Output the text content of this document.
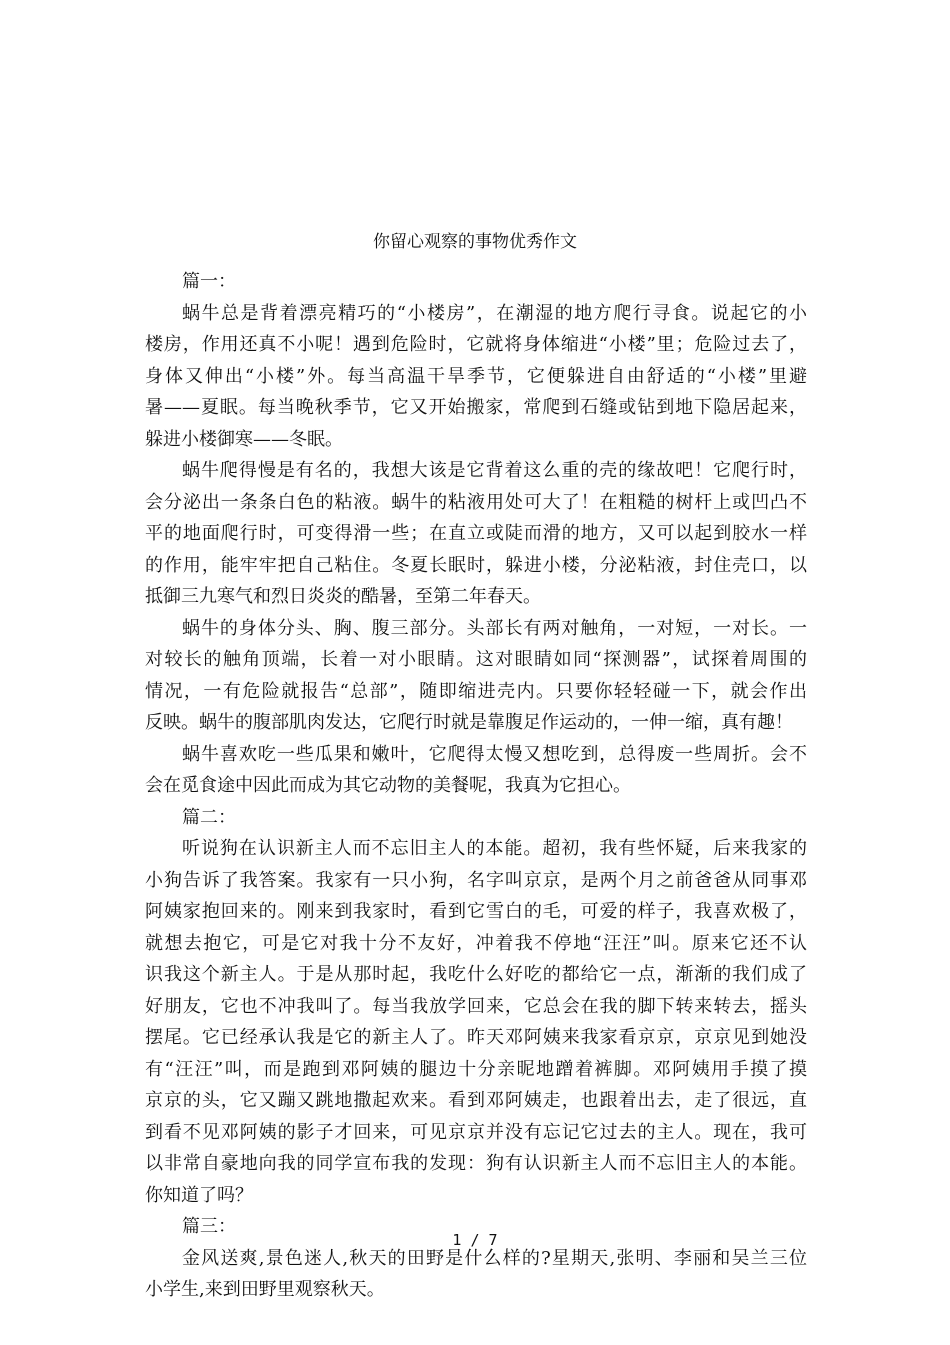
你留心观察的事物优秀作文
篇一：
蜗牛总是背着漂亮精巧的“小楼房”，在潮湿的地方爬行寻食。说起它的小
楼房，作用还真不小呢！遇到危险时，它就将身体缩进“小楼”里；危险过去了，
身体又伸出“小楼”外。每当高温干旱季节，它便躲进自由舒适的“小楼”里避
暑——夏眠。每当晚秋季节，它又开始搬家，常爬到石缝或钻到地下隐居起来，
躲进小楼御寒——冬眠。
蜗牛爬得慢是有名的，我想大该是它背着这么重的壳的缘故吧！它爬行时，
会分泌出一条条白色的粘液。蜗牛的粘液用处可大了！在粗糙的树杆上或凹凸不
平的地面爬行时，可变得滑一些；在直立或陡而滑的地方，又可以起到胶水一样
的作用，能牢牢把自己粘住。冬夏长眠时，躲进小楼，分泌粘液，封住壳口，以
抵御三九寒气和烈日炎炎的酷暑，至第二年春天。
蜗牛的身体分头、胸、腹三部分。头部长有两对触角，一对短，一对长。一
对较长的触角顶端，长着一对小眼睛。这对眼睛如同“探测器”，试探着周围的
情况，一有危险就报告“总部”，随即缩进壳内。只要你轻轻碰一下，就会作出
反映。蜗牛的腹部肌肉发达，它爬行时就是靠腹足作运动的，一伸一缩，真有趣！
蜗牛喜欢吃一些瓜果和嫩叶，它爬得太慢又想吃到，总得废一些周折。会不
会在觅食途中因此而成为其它动物的美餐呢，我真为它担心。
篇二：
听说狗在认识新主人而不忘旧主人的本能。超初，我有些怀疑，后来我家的
小狗告诉了我答案。我家有一只小狗，名字叫京京，是两个月之前爸爸从同事邓
阿姨家抱回来的。刚来到我家时，看到它雪白的毛，可爱的样子，我喜欢极了，
就想去抱它，可是它对我十分不友好，冲着我不停地“汪汪”叫。原来它还不认
识我这个新主人。于是从那时起，我吃什么好吃的都给它一点，渐渐的我们成了
好朋友，它也不冲我叫了。每当我放学回来，它总会在我的脚下转来转去，摇头
摆尾。它已经承认我是它的新主人了。昨天邓阿姨来我家看京京，京京见到她没
有“汪汪”叫，而是跑到邓阿姨的腿边十分亲昵地蹭着裤脚。邓阿姨用手摸了摸
京京的头，它又蹦又跳地撒起欢来。看到邓阿姨走，也跟着出去，走了很远，直
到看不见邓阿姨的影子才回来，可见京京并没有忘记它过去的主人。现在，我可
以非常自豪地向我的同学宣布我的发现：狗有认识新主人而不忘旧主人的本能。
你知道了吗？
篇三：
金风送爽,景色迷人,秋天的田野是什么样的?星期天,张明、李丽和吴兰三位
小学生,来到田野里观察秋天。
1 / 7
